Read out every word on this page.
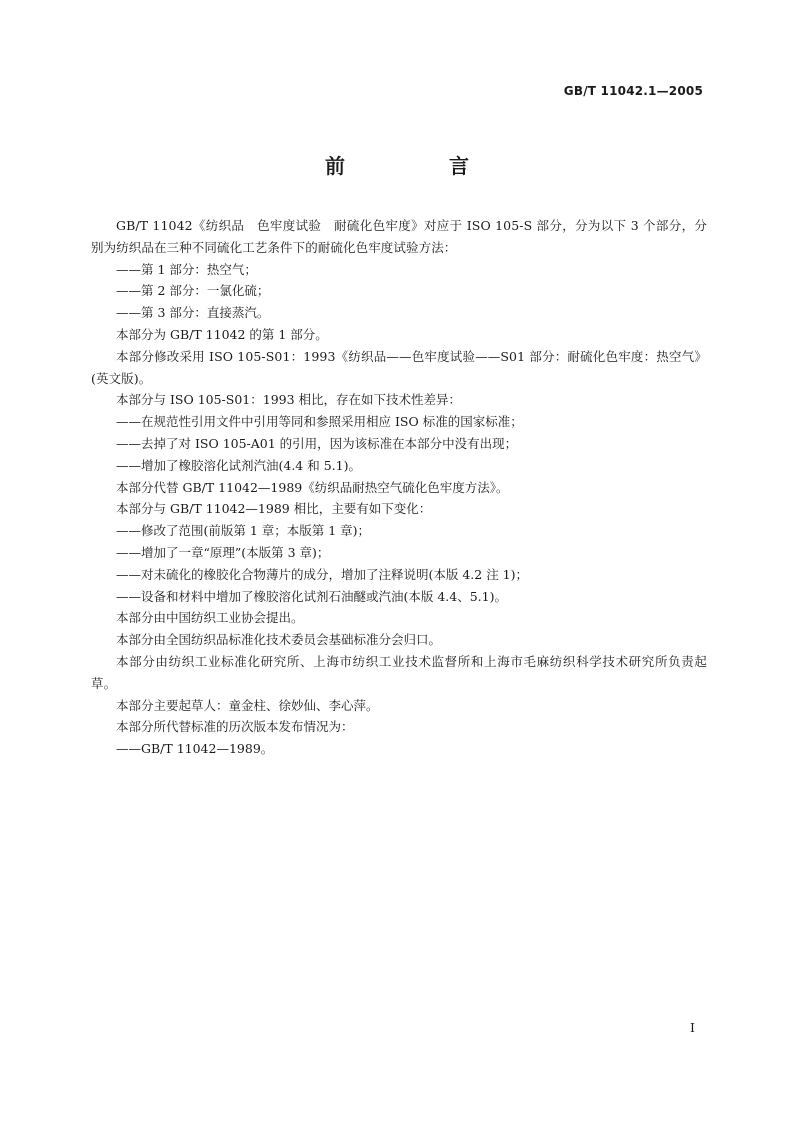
GB/T 11042.1—2005
前　言

GB/T 11042《纺织品　色牢度试验　耐硫化色牢度》对应于 ISO 105-S 部分，分为以下 3 个部分，分别为纺织品在三种不同硫化工艺条件下的耐硫化色牢度试验方法：

——第 1 部分：热空气；

——第 2 部分：一氯化硫；

——第 3 部分：直接蒸汽。

本部分为 GB/T 11042 的第 1 部分。

本部分修改采用 ISO 105-S01：1993《纺织品——色牢度试验——S01 部分：耐硫化色牢度：热空气》(英文版)。

本部分与 ISO 105-S01：1993 相比，存在如下技术性差异：

——在规范性引用文件中引用等同和参照采用相应 ISO 标准的国家标准；

——去掉了对 ISO 105-A01 的引用，因为该标准在本部分中没有出现；

——增加了橡胶溶化试剂汽油(4.4 和 5.1)。

本部分代替 GB/T 11042—1989《纺织品耐热空气硫化色牢度方法》。

本部分与 GB/T 11042—1989 相比，主要有如下变化：

——修改了范围(前版第 1 章；本版第 1 章)；

——增加了一章“原理”(本版第 3 章)；

——对未硫化的橡胶化合物薄片的成分，增加了注释说明(本版 4.2 注 1)；

——设备和材料中增加了橡胶溶化试剂石油醚或汽油(本版 4.4、5.1)。

本部分由中国纺织工业协会提出。

本部分由全国纺织品标准化技术委员会基础标准分会归口。

本部分由纺织工业标准化研究所、上海市纺织工业技术监督所和上海市毛麻纺织科学技术研究所负责起草。

本部分主要起草人：童金柱、徐妙仙、李心萍。

本部分所代替标准的历次版本发布情况为：

——GB/T 11042—1989。

I
